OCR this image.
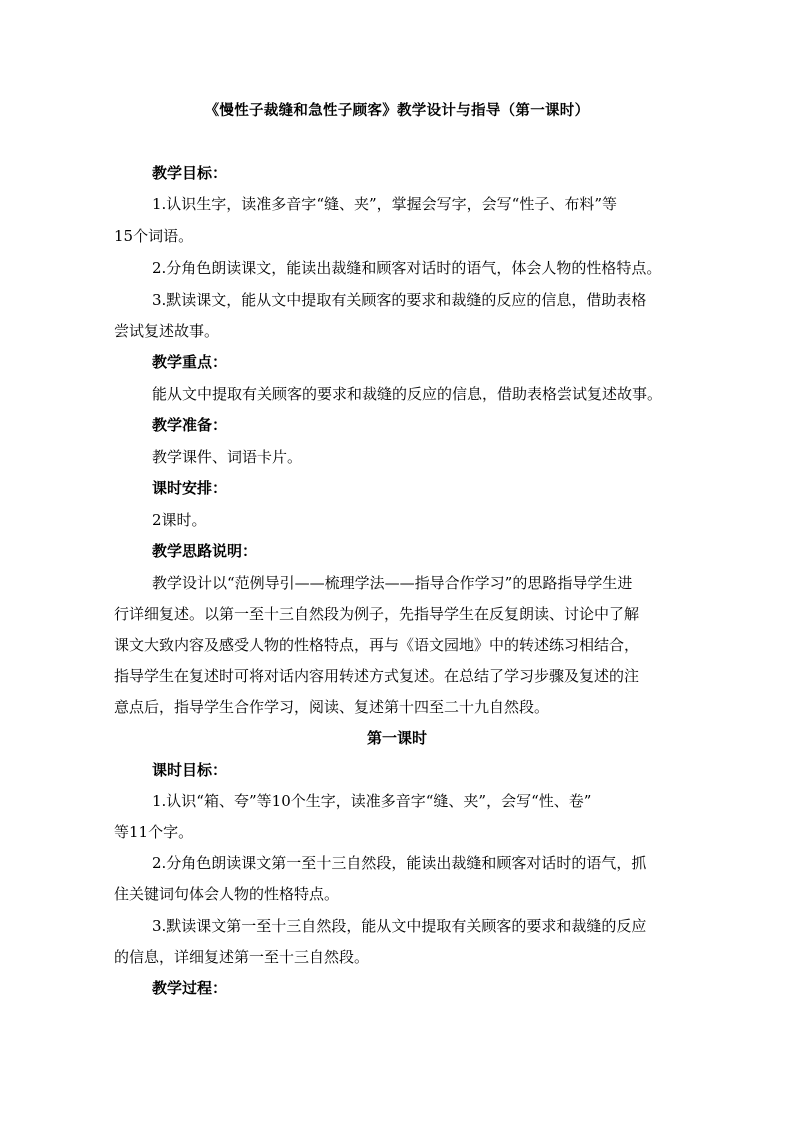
《慢性子裁缝和急性子顾客》教学设计与指导（第一课时）
教学目标：
1.认识生字，读准多音字“缝、夹”，掌握会写字，会写“性子、布料”等
15个词语。
2.分角色朗读课文，能读出裁缝和顾客对话时的语气，体会人物的性格特点。
3.默读课文，能从文中提取有关顾客的要求和裁缝的反应的信息，借助表格
尝试复述故事。
教学重点：
能从文中提取有关顾客的要求和裁缝的反应的信息，借助表格尝试复述故事。
教学准备：
教学课件、词语卡片。
课时安排：
2课时。
教学思路说明：
教学设计以“范例导引——梳理学法——指导合作学习”的思路指导学生进
行详细复述。以第一至十三自然段为例子，先指导学生在反复朗读、讨论中了解
课文大致内容及感受人物的性格特点，再与《语文园地》中的转述练习相结合，
指导学生在复述时可将对话内容用转述方式复述。在总结了学习步骤及复述的注
意点后，指导学生合作学习，阅读、复述第十四至二十九自然段。
第一课时
课时目标：
1.认识“箱、夸”等10个生字，读准多音字“缝、夹”，会写“性、卷”
等11个字。
2.分角色朗读课文第一至十三自然段，能读出裁缝和顾客对话时的语气，抓
住关键词句体会人物的性格特点。
3.默读课文第一至十三自然段，能从文中提取有关顾客的要求和裁缝的反应
的信息，详细复述第一至十三自然段。
教学过程：
